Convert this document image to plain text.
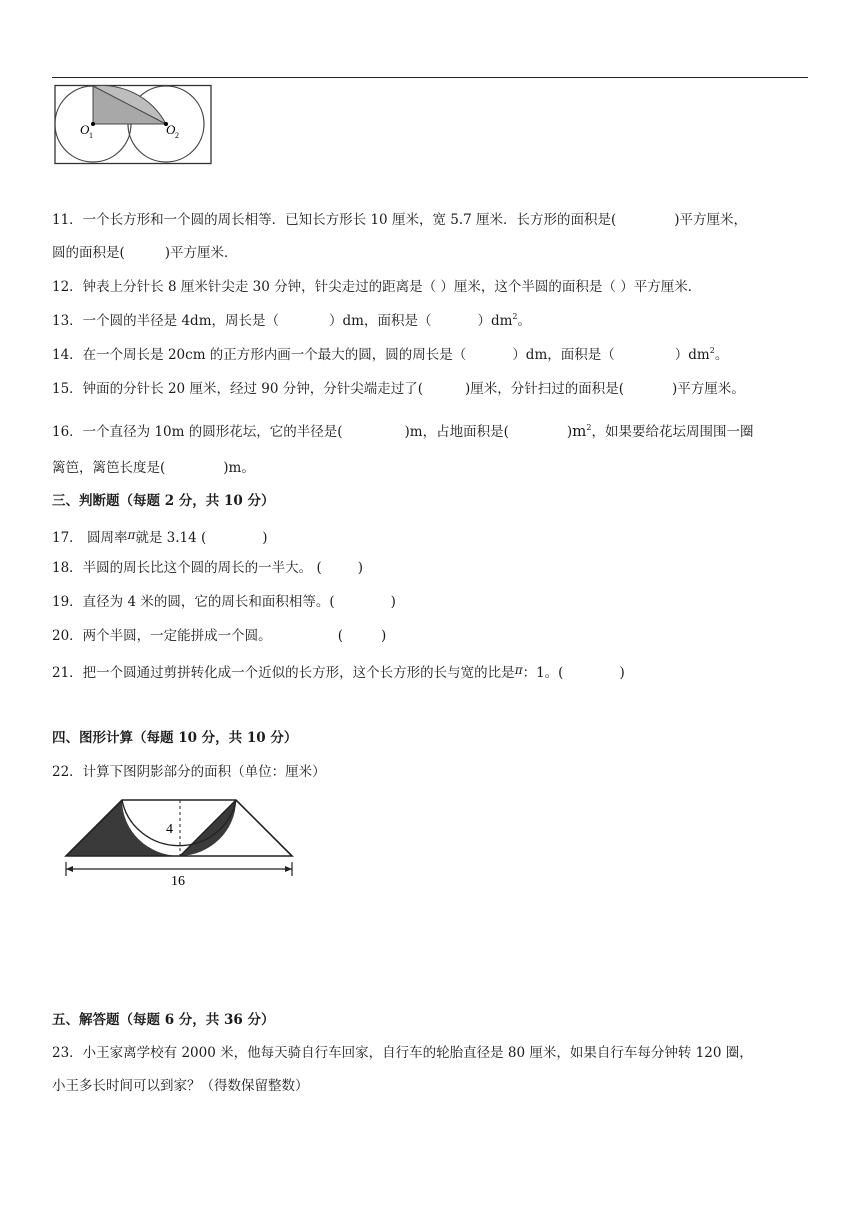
O 1	O 2
11．一个长方形和一个圆的周长相等．已知长方形长 10 厘米，宽 5.7 厘米．长方形的面积是(	)平方厘米，
圆的面积是(	)平方厘米．
12．钟表上分针长 8 厘米针尖走 30 分钟，针尖走过的距离是（ ）厘米，这个半圆的面积是（ ）平方厘米．
13．一个圆的半径是 4dm，周长是（	）dm，面积是（	）$dm^2$。
14．在一个周长是 20cm 的正方形内画一个最大的圆，圆的周长是（	）dm，面积是（	）$dm^2$。
15．钟面的分针长 20 厘米，经过 90 分钟，分针尖端走过了(	)厘米，分针扫过的面积是(	)平方厘米。
16．一个直径为 10m 的圆形花坛，它的半径是(	)m，占地面积是(	)$m^2$，如果要给花坛周围围一圈
篱笆，篱笆长度是(	)m。
三、判断题（每题 2 分，共 10 分）
17． 圆周率π就是 3.14 (	)
18．半圆的周长比这个圆的周长的一半大。 (	)
19．直径为 4 米的圆，它的周长和面积相等。(	)
20．两个半圆，一定能拼成一个圆。	(	)
21．把一个圆通过剪拼转化成一个近似的长方形，这个长方形的长与宽的比是π：1。(	)
四、图形计算（每题 10 分，共 10 分）
22．计算下图阴影部分的面积（单位：厘米）
4
16
五、解答题（每题 6 分，共 36 分）
23．小王家离学校有 2000 米，他每天骑自行车回家，自行车的轮胎直径是 80 厘米，如果自行车每分钟转 120 圈，
小王多长时间可以到家？（得数保留整数）
